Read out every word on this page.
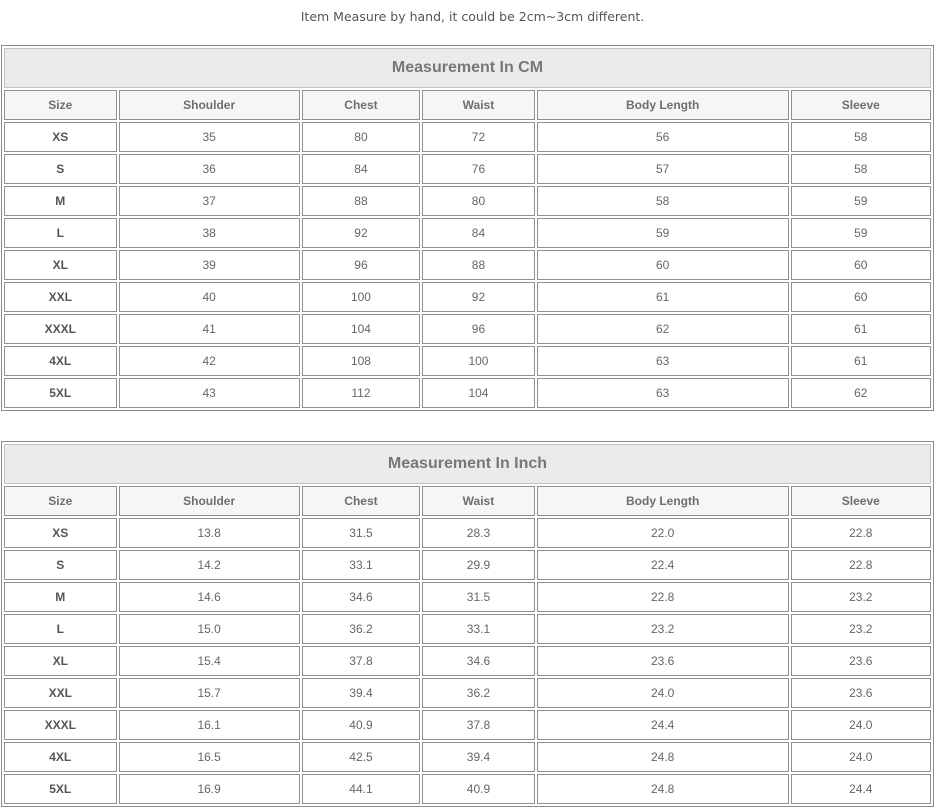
Item Measure by hand, it could be 2cm~3cm different.
Measurement In CM
Size	Shoulder	Chest	Waist	Body Length	Sleeve
XS	35	80	72	56	58
S	36	84	76	57	58
M	37	88	80	58	59
L	38	92	84	59	59
XL	39	96	88	60	60
XXL	40	100	92	61	60
XXXL	41	104	96	62	61
4XL	42	108	100	63	61
5XL	43	112	104	63	62
Measurement In Inch
Size	Shoulder	Chest	Waist	Body Length	Sleeve
XS	13.8	31.5	28.3	22.0	22.8
S	14.2	33.1	29.9	22.4	22.8
M	14.6	34.6	31.5	22.8	23.2
L	15.0	36.2	33.1	23.2	23.2
XL	15.4	37.8	34.6	23.6	23.6
XXL	15.7	39.4	36.2	24.0	23.6
XXXL	16.1	40.9	37.8	24.4	24.0
4XL	16.5	42.5	39.4	24.8	24.0
5XL	16.9	44.1	40.9	24.8	24.4
